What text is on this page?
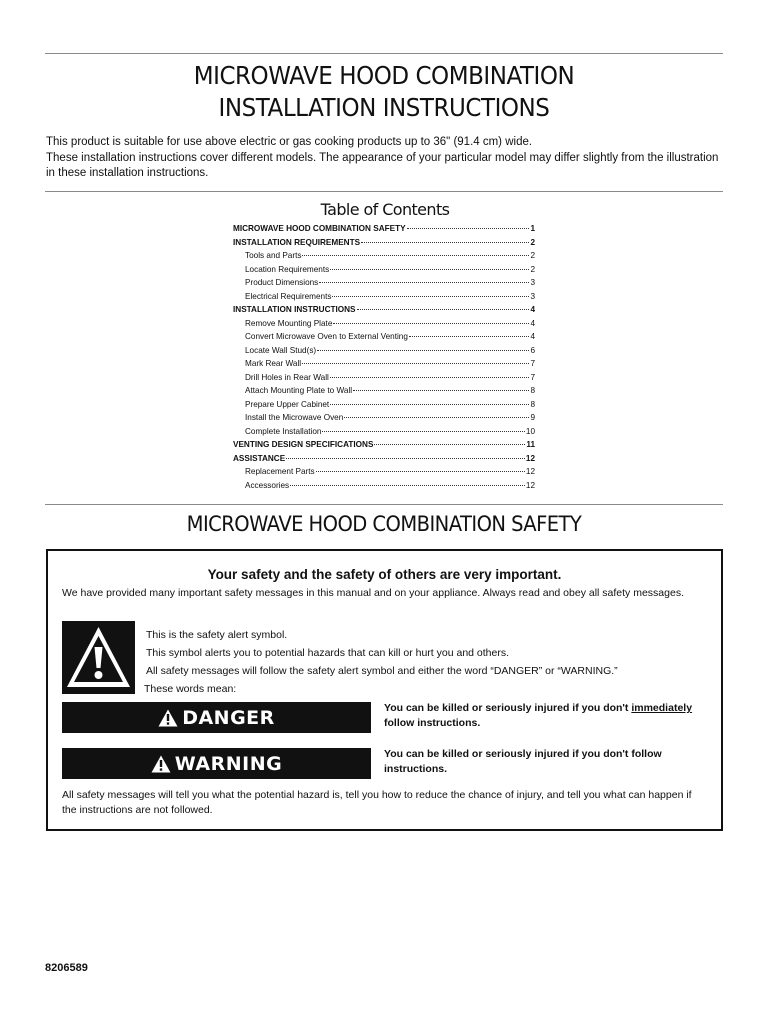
MICROWAVE HOOD COMBINATION
INSTALLATION INSTRUCTIONS

This product is suitable for use above electric or gas cooking products up to 36" (91.4 cm) wide.

These installation instructions cover different models. The appearance of your particular model may differ slightly from the illustration in these installation instructions.

Table of Contents
MICROWAVE HOOD COMBINATION SAFETY	1
INSTALLATION REQUIREMENTS	2
Tools and Parts	2
Location Requirements	2
Product Dimensions	3
Electrical Requirements	3
INSTALLATION INSTRUCTIONS	4
Remove Mounting Plate	4
Convert Microwave Oven to External Venting	4
Locate Wall Stud(s)	6
Mark Rear Wall	7
Drill Holes in Rear Wall	7
Attach Mounting Plate to Wall	8
Prepare Upper Cabinet	8
Install the Microwave Oven	9
Complete Installation	10
VENTING DESIGN SPECIFICATIONS	11
ASSISTANCE	12
Replacement Parts	12
Accessories	12
MICROWAVE HOOD COMBINATION SAFETY

Your safety and the safety of others are very important.

We have provided many important safety messages in this manual and on your appliance. Always read and obey all safety messages.

This is the safety alert symbol.

This symbol alerts you to potential hazards that can kill or hurt you and others.

All safety messages will follow the safety alert symbol and either the word “DANGER” or “WARNING.”

These words mean:

DANGER	You can be killed or seriously injured if you don't immediately follow instructions.

WARNING	You can be killed or seriously injured if you don't follow instructions.

All safety messages will tell you what the potential hazard is, tell you how to reduce the chance of injury, and tell you what can happen if the instructions are not followed.

8206589
